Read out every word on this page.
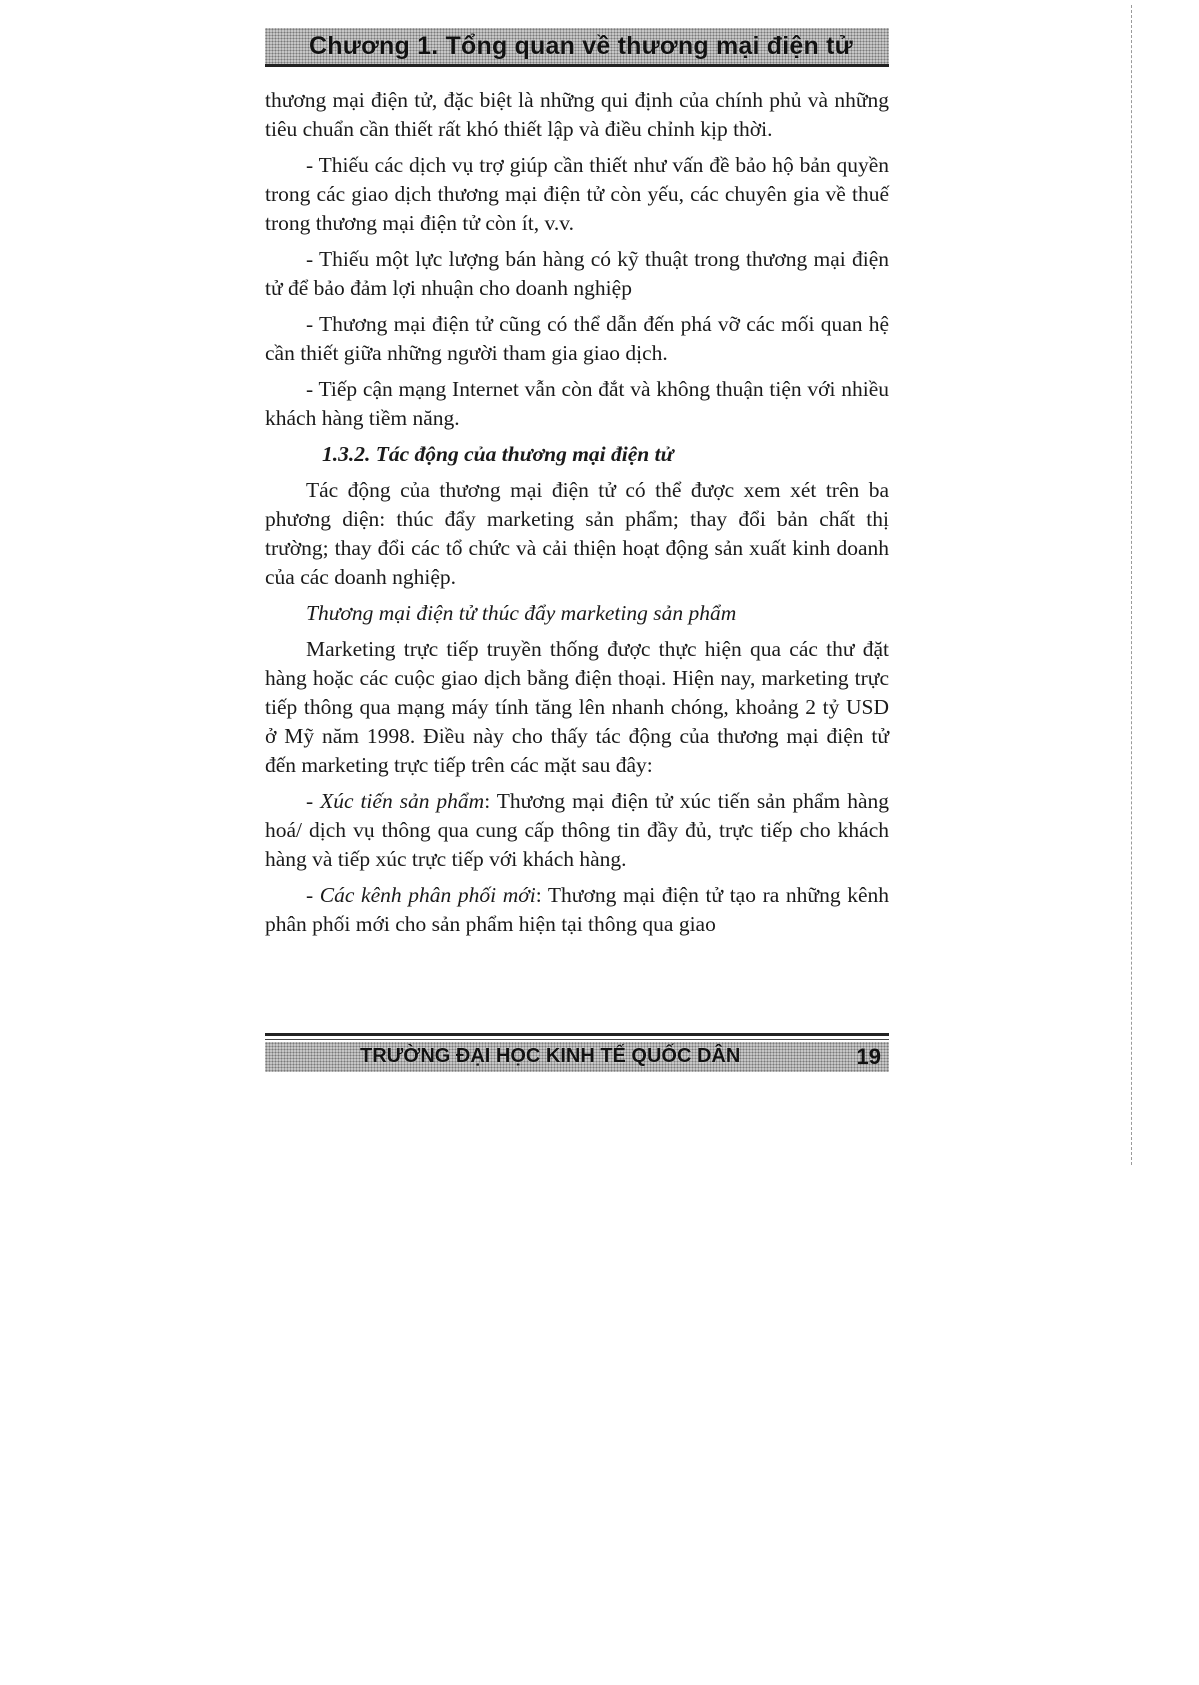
Chương 1. Tổng quan về thương mại điện tử

thương mại điện tử, đặc biệt là những qui định của chính phủ và những tiêu chuẩn cần thiết rất khó thiết lập và điều chỉnh kịp thời.

- Thiếu các dịch vụ trợ giúp cần thiết như vấn đề bảo hộ bản quyền trong các giao dịch thương mại điện tử còn yếu, các chuyên gia về thuế trong thương mại điện tử còn ít, v.v.

- Thiếu một lực lượng bán hàng có kỹ thuật trong thương mại điện tử để bảo đảm lợi nhuận cho doanh nghiệp

- Thương mại điện tử cũng có thể dẫn đến phá vỡ các mối quan hệ cần thiết giữa những người tham gia giao dịch.

- Tiếp cận mạng Internet vẫn còn đắt và không thuận tiện với nhiều khách hàng tiềm năng.

1.3.2. Tác động của thương mại điện tử

Tác động của thương mại điện tử có thể được xem xét trên ba phương diện: thúc đẩy marketing sản phẩm; thay đổi bản chất thị trường; thay đổi các tổ chức và cải thiện hoạt động sản xuất kinh doanh của các doanh nghiệp.

Thương mại điện tử thúc đẩy marketing sản phẩm

Marketing trực tiếp truyền thống được thực hiện qua các thư đặt hàng hoặc các cuộc giao dịch bằng điện thoại. Hiện nay, marketing trực tiếp thông qua mạng máy tính tăng lên nhanh chóng, khoảng 2 tỷ USD ở Mỹ năm 1998. Điều này cho thấy tác động của thương mại điện tử đến marketing trực tiếp trên các mặt sau đây:

- Xúc tiến sản phẩm: Thương mại điện tử xúc tiến sản phẩm hàng hoá/ dịch vụ thông qua cung cấp thông tin đầy đủ, trực tiếp cho khách hàng và tiếp xúc trực tiếp với khách hàng.

- Các kênh phân phối mới: Thương mại điện tử tạo ra những kênh phân phối mới cho sản phẩm hiện tại thông qua giao

TRƯỜNG ĐẠI HỌC KINH TẾ QUỐC DÂN	19
